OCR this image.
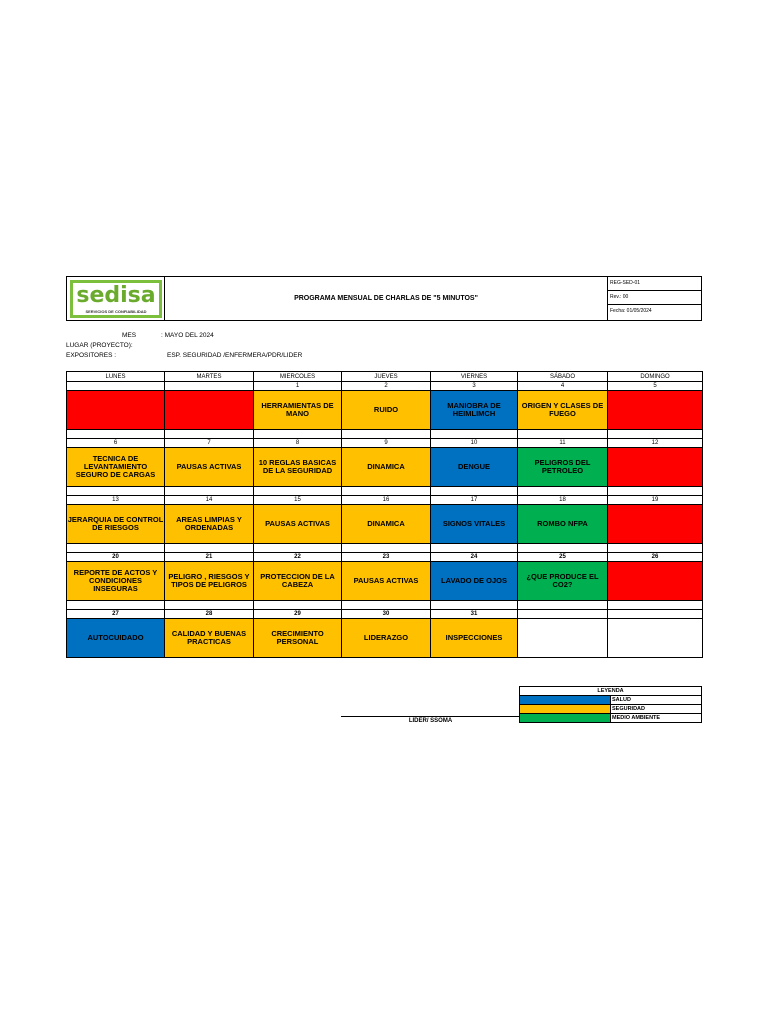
sedisa
SERVICIOS DE CONFIABILIDAD
PROGRAMA MENSUAL DE CHARLAS DE "5 MINUTOS"
REG-SED-01
Rev.: 00
Fecha: 01/05/2024
MES	: MAYO DEL 2024
LUGAR (PROYECTO):
EXPOSITORES :	ESP. SEGURIDAD /ENFERMERA/PDR/LIDER
LUNES	MARTES	MIERCOLES	JUEVES	VIERNES	SÁBADO	DOMINGO
		1	2	3	4	5
		HERRAMIENTAS DE MANO	RUIDO	MANIOBRA DE HEIMLIMCH	ORIGEN Y CLASES DE FUEGO	

6	7	8	9	10	11	12
TECNICA DE LEVANTAMIENTO SEGURO DE CARGAS	PAUSAS ACTIVAS	10 REGLAS BASICAS DE LA SEGURIDAD	DINAMICA	DENGUE	PELIGROS DEL PETROLEO	

13	14	15	16	17	18	19
JERARQUIA DE CONTROL DE RIESGOS	AREAS LIMPIAS Y ORDENADAS	PAUSAS ACTIVAS	DINAMICA	SIGNOS VITALES	ROMBO NFPA	

20	21	22	23	24	25	26
REPORTE DE ACTOS Y CONDICIONES INSEGURAS	PELIGRO , RIESGOS Y TIPOS DE PELIGROS	PROTECCION DE LA CABEZA	PAUSAS ACTIVAS	LAVADO DE OJOS	¿QUE PRODUCE EL CO2?	

27	28	29	30	31		
AUTOCUIDADO	CALIDAD Y BUENAS PRACTICAS	CRECIMIENTO PERSONAL	LIDERAZGO	INSPECCIONES		
LEYENDA	
	SALUD
	SEGURIDAD
	MEDIO AMBIENTE
LIDER/ SSOMA
